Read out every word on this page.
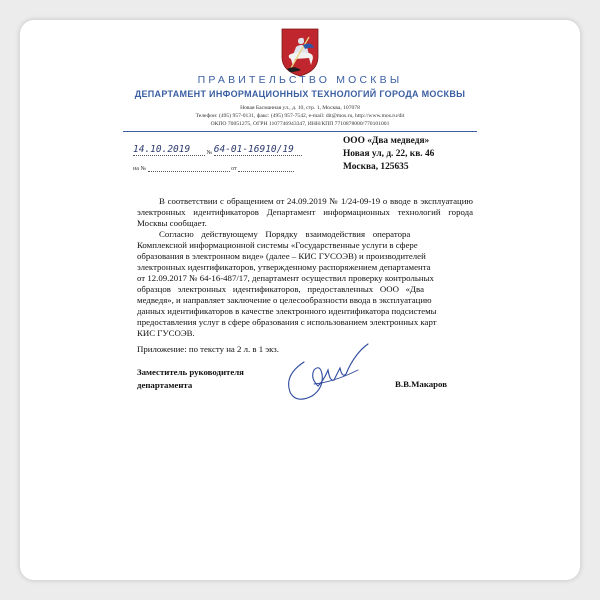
ПРАВИТЕЛЬСТВО МОСКВЫ
ДЕПАРТАМЕНТ ИНФОРМАЦИОННЫХ ТЕХНОЛОГИЙ ГОРОДА МОСКВЫ
Новая Басманная ул., д. 10, стр. 1, Москва, 107078
Телефон: (495) 957-0131, факс: (495) 957-7542, e-mail: dit@mos.ru, http://www.mos.ru/dit
ОКПО 70051275, ОГРН 1107746943347, ИНН/КПП 7710878000/770101001
14.10.2019	№ 64-01-16910/19
на №	от
ООО «Два медведя»
Новая ул, д. 22, кв. 46
Москва, 125635
В соответствии с обращением от 24.09.2019 № 1/24-09-19 о вводе в эксплуатацию электронных идентификаторов Департамент информационных технологий города Москвы сообщает.
Согласно действующему Порядку взаимодействия оператора
Комплексной информационной системы «Государственные услуги в сфере
образования в электронном виде» (далее – КИС ГУСОЭВ) и производителей
электронных идентификаторов, утвержденному распоряжением департамента
от 12.09.2017 № 64-16-487/17, департамент осуществил проверку контрольных
образцов электронных идентификаторов, предоставленных ООО «Два
медведя», и направляет заключение о целесообразности ввода в эксплуатацию
данных идентификаторов в качестве электронного идентификатора подсистемы
предоставления услуг в сфере образования с использованием электронных карт
КИС ГУСОЭВ.
Приложение: по тексту на 2 л. в 1 экз.
Заместитель руководителя
департамента	В.В.Макаров
